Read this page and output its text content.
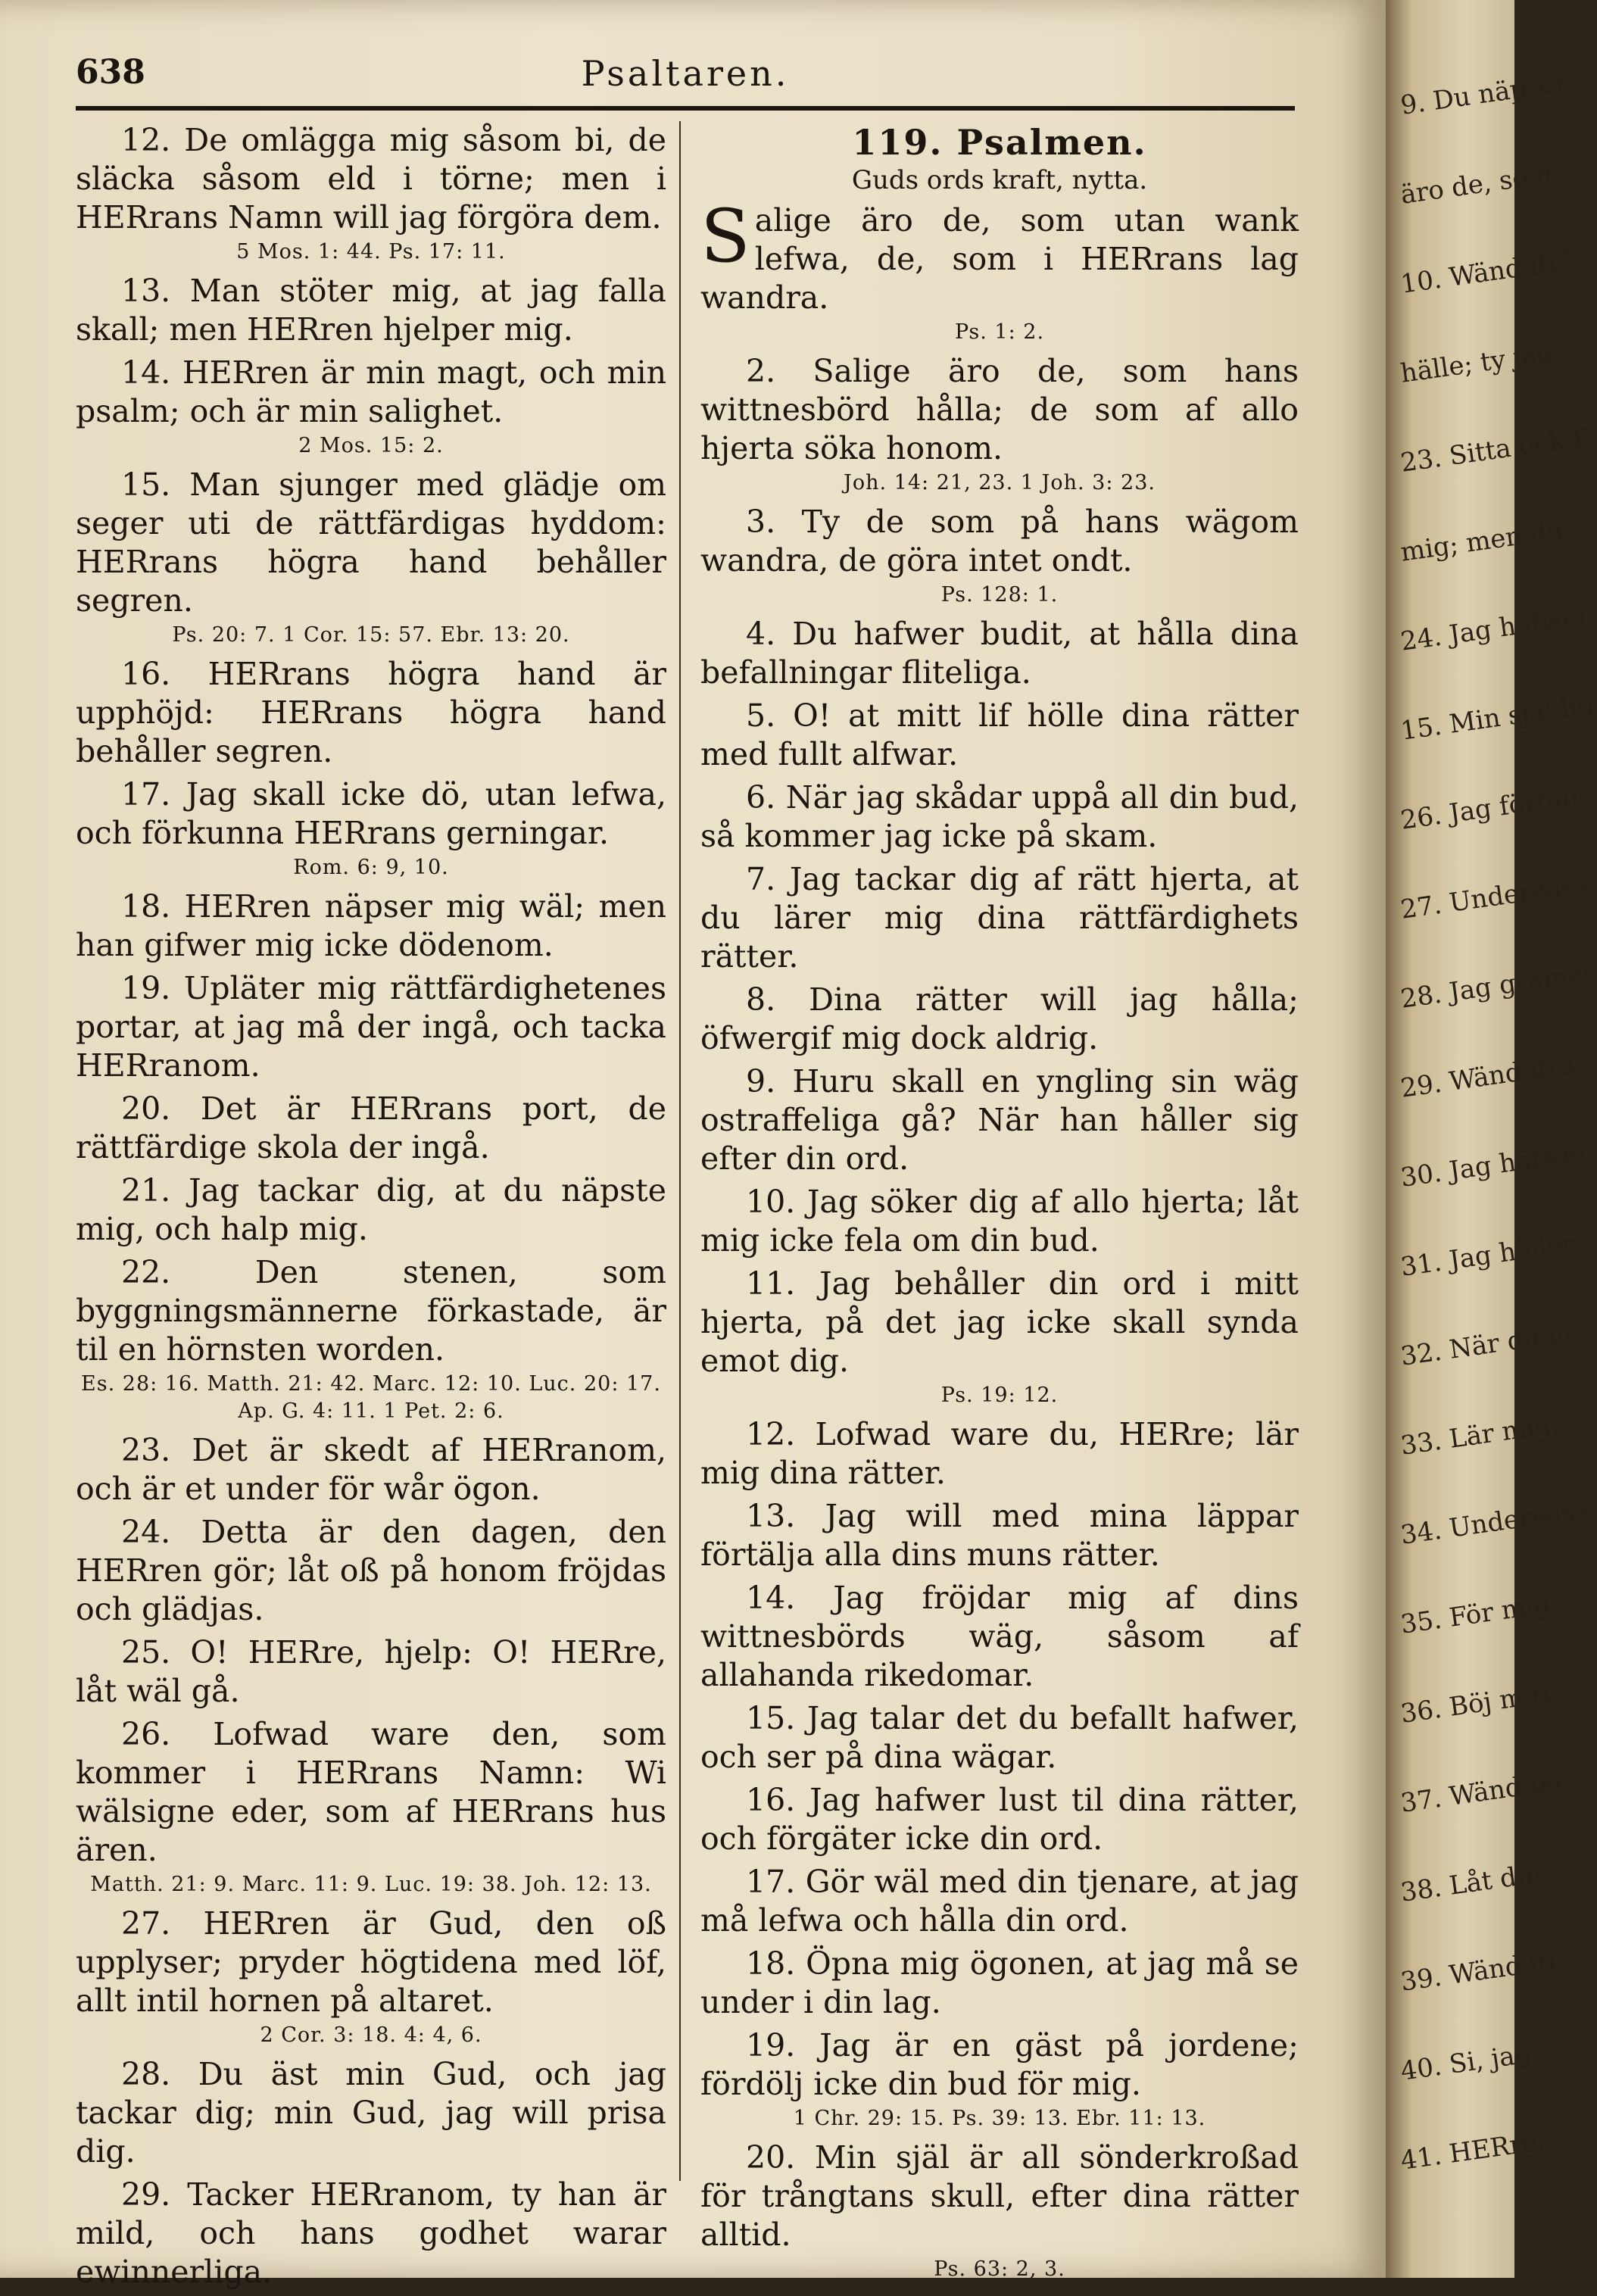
638	Psaltaren.

12. De omlägga mig såsom bi, de släcka såsom eld i törne; men i HERrans Namn will jag förgöra dem.

5 Mos. 1: 44. Ps. 17: 11.

13. Man stöter mig, at jag falla skall; men HERren hjelper mig.

14. HERren är min magt, och min psalm; och är min salighet.

2 Mos. 15: 2.

15. Man sjunger med glädje om seger uti de rättfärdigas hyddom: HERrans högra hand behåller segren.

Ps. 20: 7. 1 Cor. 15: 57. Ebr. 13: 20.

16. HERrans högra hand är upphöjd: HERrans högra hand behåller segren.

17. Jag skall icke dö, utan lefwa, och förkunna HERrans gerningar.

Rom. 6: 9, 10.

18. HERren näpser mig wäl; men han gifwer mig icke dödenom.

19. Upläter mig rättfärdighetenes portar, at jag må der ingå, och tacka HERranom.

20. Det är HERrans port, de rättfärdige skola der ingå.

21. Jag tackar dig, at du näpste mig, och halp mig.

22. Den stenen, som byggningsmännerne förkastade, är til en hörnsten worden.

Es. 28: 16. Matth. 21: 42. Marc. 12: 10. Luc. 20: 17. Ap. G. 4: 11. 1 Pet. 2: 6.

23. Det är skedt af HERranom, och är et under för wår ögon.

24. Detta är den dagen, den HERren gör; låt oß på honom fröjdas och glädjas.

25. O! HERre, hjelp: O! HERre, låt wäl gå.

26. Lofwad ware den, som kommer i HERrans Namn: Wi wälsigne eder, som af HERrans hus ären.

Matth. 21: 9. Marc. 11: 9. Luc. 19: 38. Joh. 12: 13.

27. HERren är Gud, den oß upplyser; pryder högtidena med löf, allt intil hornen på altaret.

2 Cor. 3: 18. 4: 4, 6.

28. Du äst min Gud, och jag tackar dig; min Gud, jag will prisa dig.

29. Tacker HERranom, ty han är mild, och hans godhet warar ewinnerliga.

119. Psalmen.
Guds ords kraft, nytta.

Salige äro de, som utan wank lefwa, de, som i HERrans lag wandra.

Ps. 1: 2.

2. Salige äro de, som hans wittnesbörd hålla; de som af allo hjerta söka honom.

Joh. 14: 21, 23. 1 Joh. 3: 23.

3. Ty de som på hans wägom wandra, de göra intet ondt.

Ps. 128: 1.

4. Du hafwer budit, at hålla dina befallningar fliteliga.

5. O! at mitt lif hölle dina rätter med fullt alfwar.

6. När jag skådar uppå all din bud, så kommer jag icke på skam.

7. Jag tackar dig af rätt hjerta, at du lärer mig dina rättfärdighets rätter.

8. Dina rätter will jag hålla; öfwergif mig dock aldrig.

9. Huru skall en yngling sin wäg ostraffeliga gå? När han håller sig efter din ord.

10. Jag söker dig af allo hjerta; låt mig icke fela om din bud.

11. Jag behåller din ord i mitt hjerta, på det jag icke skall synda emot dig.

Ps. 19: 12.

12. Lofwad ware du, HERre; lär mig dina rätter.

13. Jag will med mina läppar förtälja alla dins muns rätter.

14. Jag fröjdar mig af dins wittnesbörds wäg, såsom af allahanda rikedomar.

15. Jag talar det du befallt hafwer, och ser på dina wägar.

16. Jag hafwer lust til dina rätter, och förgäter icke din ord.

17. Gör wäl med din tjenare, at jag må lefwa och hålla din ord.

18. Öpna mig ögonen, at jag må se under i din lag.

19. Jag är en gäst på jordene; fördölj icke din bud för mig.

1 Chr. 29: 15. Ps. 39: 13. Ebr. 11: 13.

20. Min själ är all sönderkroßad för trångtans skull, efter dina rätter alltid.

Ps. 63: 2, 3.
9. Du näpser
äro de, som
10. Wänd ifrå
hälle; ty jag
23. Sitta ock F
mig; men din
24. Jag hafwer
15. Min själ lig
26. Jag förtälje
27. Underwisa
28. Jag grämer
29. Wänd ifrå
30. Jag hafwer
31. Jag håller
32. När du m
33. Lär mig,
34. Underwisa
35. För mig
36. Böj mitt
37. Wänd bo
38. Låt din
39. Wänd ifr
40. Si, jag
41. HERre,
